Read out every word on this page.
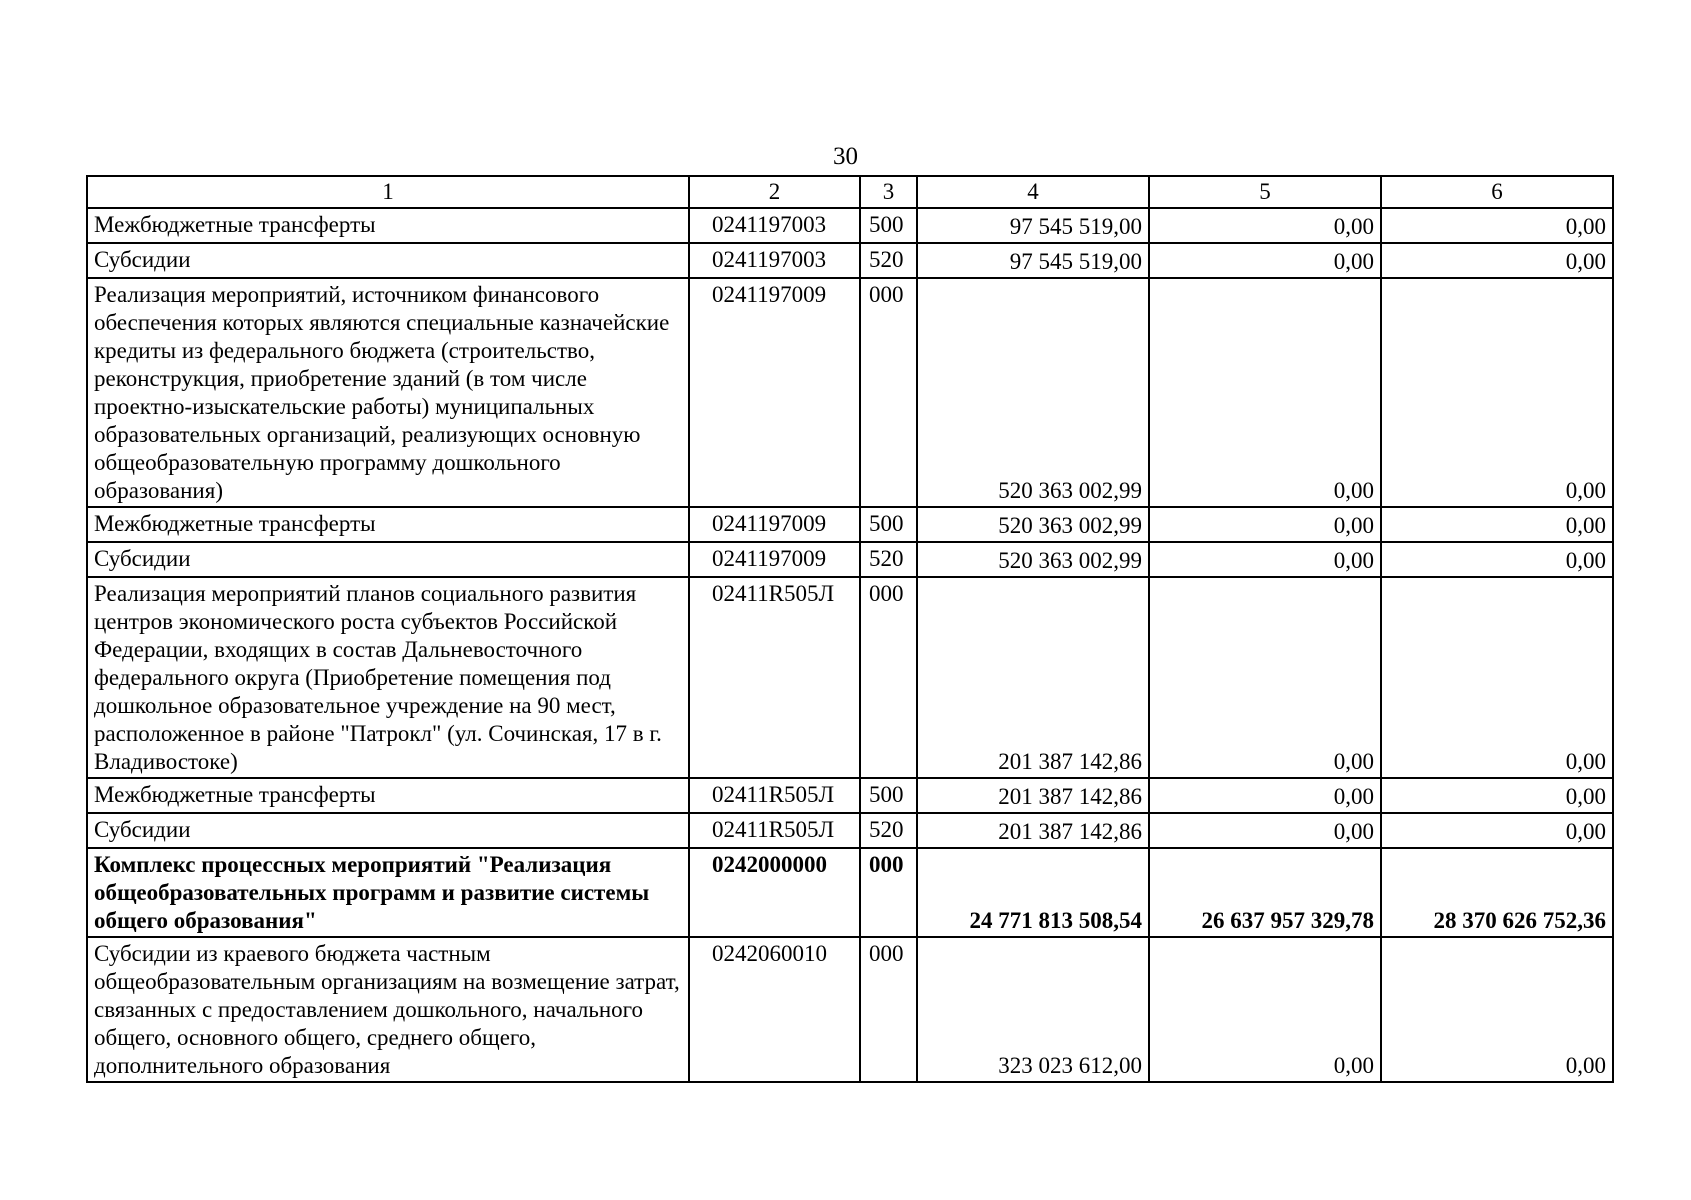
30
1	2	3	4	5	6
Межбюджетные трансферты	0241197003	500	97 545 519,00	0,00	0,00
Субсидии	0241197003	520	97 545 519,00	0,00	0,00
Реализация мероприятий, источником финансового обеспечения которых являются специальные казначейские кредиты из федерального бюджета (строительство, реконструкция, приобретение зданий (в том числе проектно-изыскательские работы) муниципальных образовательных организаций, реализующих основную общеобразовательную программу дошкольного образования)	0241197009	000	520 363 002,99	0,00	0,00
Межбюджетные трансферты	0241197009	500	520 363 002,99	0,00	0,00
Субсидии	0241197009	520	520 363 002,99	0,00	0,00
Реализация мероприятий планов социального развития центров экономического роста субъектов Российской Федерации, входящих в состав Дальневосточного федерального округа (Приобретение помещения под дошкольное образовательное учреждение на 90 мест, расположенное в районе "Патрокл" (ул. Сочинская, 17 в г. Владивостоке)	02411R505Л	000	201 387 142,86	0,00	0,00
Межбюджетные трансферты	02411R505Л	500	201 387 142,86	0,00	0,00
Субсидии	02411R505Л	520	201 387 142,86	0,00	0,00
Комплекс процессных мероприятий "Реализация общеобразовательных программ и развитие системы общего образования"	0242000000	000	24 771 813 508,54	26 637 957 329,78	28 370 626 752,36
Субсидии из краевого бюджета частным общеобразовательным организациям на возмещение затрат, связанных с предоставлением дошкольного, начального общего, основного общего, среднего общего, дополнительного образования	0242060010	000	323 023 612,00	0,00	0,00
